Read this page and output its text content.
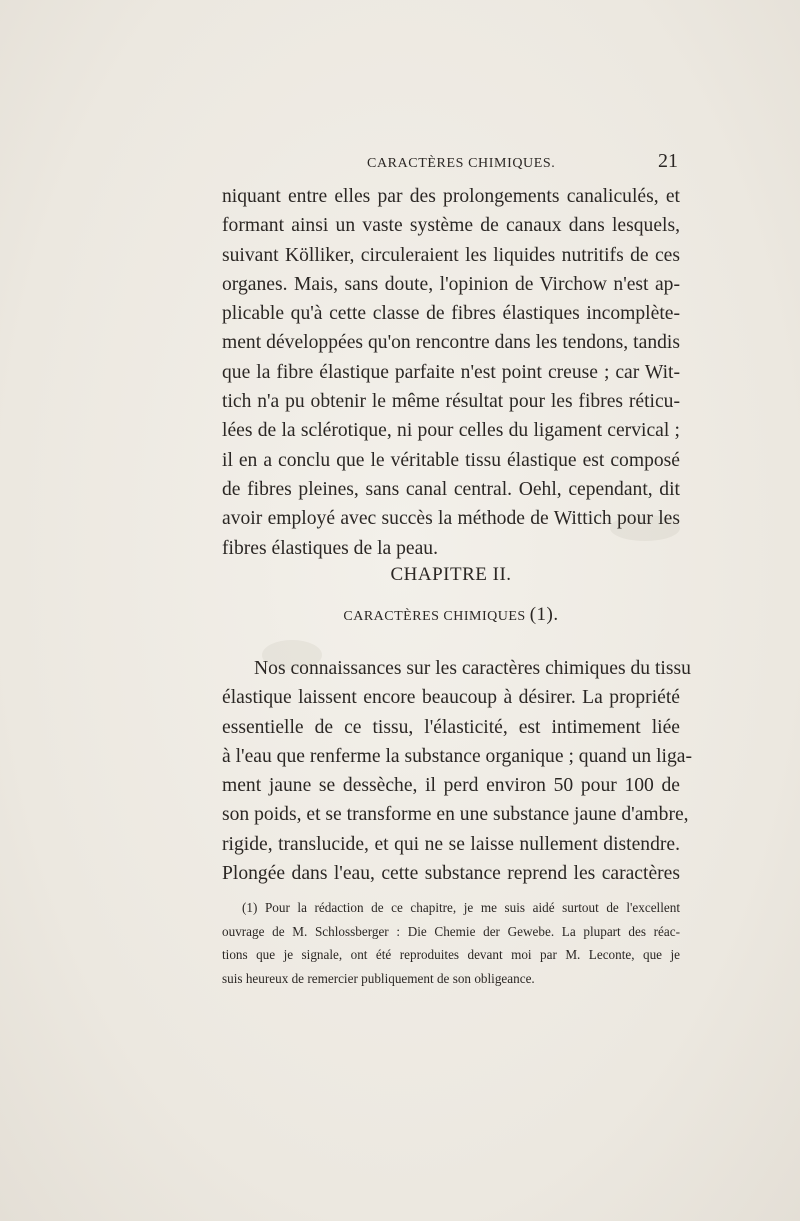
CARACTÈRES CHIMIQUES.	21
niquant entre elles par des prolongements canaliculés, et
formant ainsi un vaste système de canaux dans lesquels,
suivant Kölliker, circuleraient les liquides nutritifs de ces
organes. Mais, sans doute, l'opinion de Virchow n'est ap-
plicable qu'à cette classe de fibres élastiques incomplète-
ment développées qu'on rencontre dans les tendons, tandis
que la fibre élastique parfaite n'est point creuse ; car Wit-
tich n'a pu obtenir le même résultat pour les fibres réticu-
lées de la sclérotique, ni pour celles du ligament cervical ;
il en a conclu que le véritable tissu élastique est composé
de fibres pleines, sans canal central. Oehl, cependant, dit
avoir employé avec succès la méthode de Wittich pour les
fibres élastiques de la peau.
CHAPITRE II.
CARACTÈRES CHIMIQUES (1).
Nos connaissances sur les caractères chimiques du tissu
élastique laissent encore beaucoup à désirer. La propriété
essentielle de ce tissu, l'élasticité, est intimement liée
à l'eau que renferme la substance organique ; quand un liga-
ment jaune se dessèche, il perd environ 50 pour 100 de
son poids, et se transforme en une substance jaune d'ambre,
rigide, translucide, et qui ne se laisse nullement distendre.
Plongée dans l'eau, cette substance reprend les caractères
(1) Pour la rédaction de ce chapitre, je me suis aidé surtout de l'excellent
ouvrage de M. Schlossberger : Die Chemie der Gewebe. La plupart des réac-
tions que je signale, ont été reproduites devant moi par M. Leconte, que je
suis heureux de remercier publiquement de son obligeance.
